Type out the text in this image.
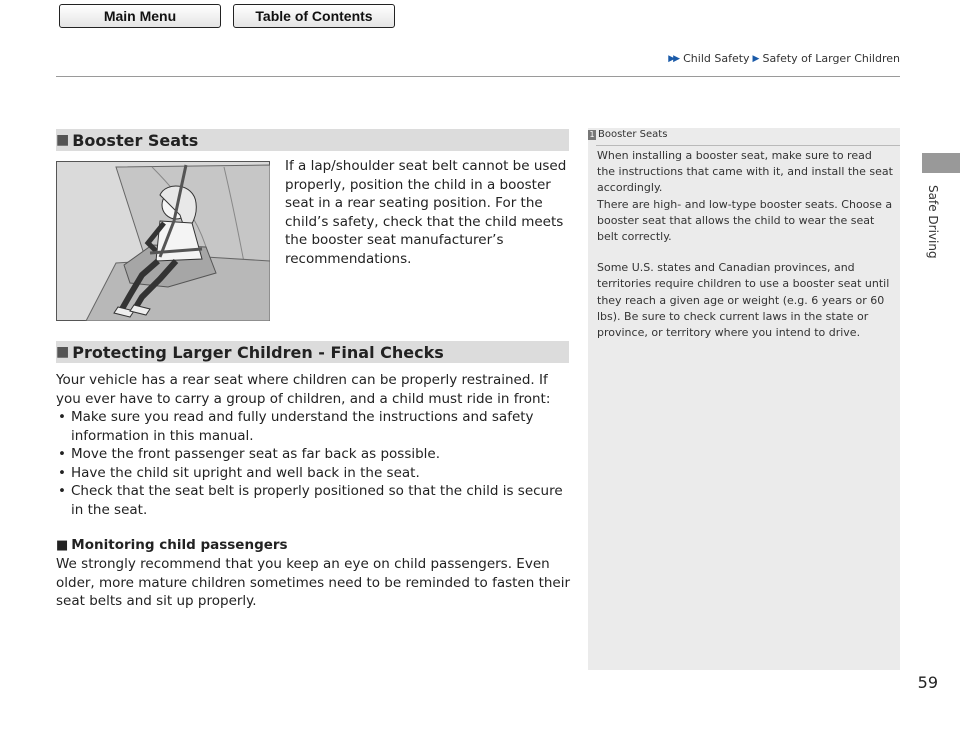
Main Menu	Table of Contents
▶▶ Child Safety ▶ Safety of Larger Children
Safe Driving
■ Booster Seats
If a lap/shoulder seat belt cannot be used properly, position the child in a booster seat in a rear seating position. For the child’s safety, check that the child meets the booster seat manufacturer’s recommendations.
■ Protecting Larger Children - Final Checks
Your vehicle has a rear seat where children can be properly restrained. If you ever have to carry a group of children, and a child must ride in front:
• Make sure you read and fully understand the instructions and safety information in this manual.
• Move the front passenger seat as far back as possible.
• Have the child sit upright and well back in the seat.
• Check that the seat belt is properly positioned so that the child is secure in the seat.
■ Monitoring child passengers
We strongly recommend that you keep an eye on child passengers. Even older, more mature children sometimes need to be reminded to fasten their seat belts and sit up properly.
1 Booster Seats

When installing a booster seat, make sure to read the instructions that came with it, and install the seat accordingly.

There are high- and low-type booster seats. Choose a booster seat that allows the child to wear the seat belt correctly.

Some U.S. states and Canadian provinces, and territories require children to use a booster seat until they reach a given age or weight (e.g. 6 years or 60 lbs). Be sure to check current laws in the state or province, or territory where you intend to drive.

59
